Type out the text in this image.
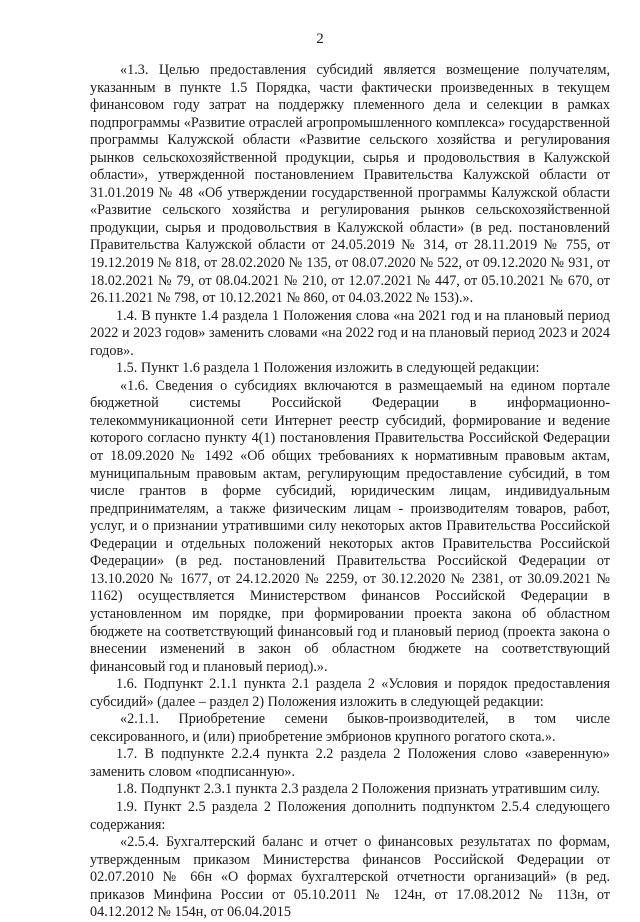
2

«1.3. Целью предоставления субсидий является возмещение получателям, указанным в пункте 1.5 Порядка, части фактически произведенных в текущем финансовом году затрат на поддержку племенного дела и селекции в рамках подпрограммы «Развитие отраслей агропромышленного комплекса» государственной программы Калужской области «Развитие сельского хозяйства и регулирования рынков сельскохозяйственной продукции, сырья и продовольствия в Калужской области», утвержденной постановлением Правительства Калужской области от 31.01.2019 № 48 «Об утверждении государственной программы Калужской области «Развитие сельского хозяйства и регулирования рынков сельскохозяйственной продукции, сырья и продовольствия в Калужской области» (в ред. постановлений Правительства Калужской области от 24.05.2019 № 314, от 28.11.2019 № 755, от 19.12.2019 № 818, от 28.02.2020 № 135, от 08.07.2020 № 522, от 09.12.2020 № 931, от 18.02.2021 № 79, от 08.04.2021 № 210, от 12.07.2021 № 447, от 05.10.2021 № 670, от 26.11.2021 № 798, от 10.12.2021 № 860, от 04.03.2022 № 153).».

1.4. В пункте 1.4 раздела 1 Положения слова «на 2021 год и на плановый период 2022 и 2023 годов» заменить словами «на 2022 год и на плановый период 2023 и 2024 годов».

1.5. Пункт 1.6 раздела 1 Положения изложить в следующей редакции:

«1.6. Сведения о субсидиях включаются в размещаемый на едином портале бюджетной системы Российской Федерации в информационно-телекоммуникационной сети Интернет реестр субсидий, формирование и ведение которого согласно пункту 4(1) постановления Правительства Российской Федерации от 18.09.2020 № 1492 «Об общих требованиях к нормативным правовым актам, муниципальным правовым актам, регулирующим предоставление субсидий, в том числе грантов в форме субсидий, юридическим лицам, индивидуальным предпринимателям, а также физическим лицам - производителям товаров, работ, услуг, и о признании утратившими силу некоторых актов Правительства Российской Федерации и отдельных положений некоторых актов Правительства Российской Федерации» (в ред. постановлений Правительства Российской Федерации от 13.10.2020 № 1677, от 24.12.2020 № 2259, от 30.12.2020 № 2381, от 30.09.2021 № 1162) осуществляется Министерством финансов Российской Федерации в установленном им порядке, при формировании проекта закона об областном бюджете на соответствующий финансовый год и плановый период (проекта закона о внесении изменений в закон об областном бюджете на соответствующий финансовый год и плановый период).».

1.6. Подпункт 2.1.1 пункта 2.1 раздела 2 «Условия и порядок предоставления субсидий» (далее – раздел 2) Положения изложить в следующей редакции:

«2.1.1. Приобретение семени быков-производителей, в том числе сексированного, и (или) приобретение эмбрионов крупного рогатого скота.».

1.7. В подпункте 2.2.4 пункта 2.2 раздела 2 Положения слово «заверенную» заменить словом «подписанную».

1.8. Подпункт 2.3.1 пункта 2.3 раздела 2 Положения признать утратившим силу.

1.9. Пункт 2.5 раздела 2 Положения дополнить подпунктом 2.5.4 следующего содержания:

«2.5.4. Бухгалтерский баланс и отчет о финансовых результатах по формам, утвержденным приказом Министерства финансов Российской Федерации от 02.07.2010 № 66н «О формах бухгалтерской отчетности организаций» (в ред. приказов Минфина России от 05.10.2011 № 124н, от 17.08.2012 № 113н, от 04.12.2012 № 154н, от 06.04.2015
